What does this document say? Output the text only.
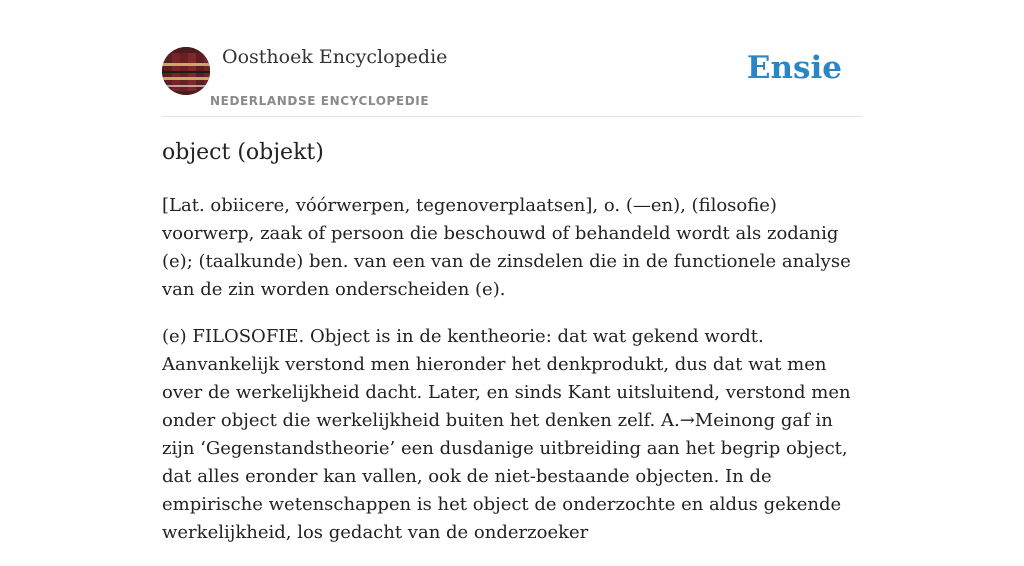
Oosthoek Encyclopedie
NEDERLANDSE ENCYCLOPEDIE
Ensie
object (objekt)

[Lat. obiicere, vóórwerpen, tegenoverplaatsen], o. (—en), (filosofie) voorwerp, zaak of persoon die beschouwd of behandeld wordt als zodanig (e); (taalkunde) ben. van een van de zinsdelen die in de functionele analyse van de zin worden onderscheiden (e).

(e) FILOSOFIE. Object is in de kentheorie: dat wat gekend wordt. Aanvankelijk verstond men hieronder het denkprodukt, dus dat wat men over de werkelijkheid dacht. Later, en sinds Kant uitsluitend, verstond men onder object die werkelijkheid buiten het denken zelf. A.→Meinong gaf in zijn ‘Gegenstandstheorie’ een dusdanige uitbreiding aan het begrip object, dat alles eronder kan vallen, ook de niet-bestaande objecten. In de empirische wetenschappen is het object de onderzochte en aldus gekende werkelijkheid, los gedacht van de onderzoeker
